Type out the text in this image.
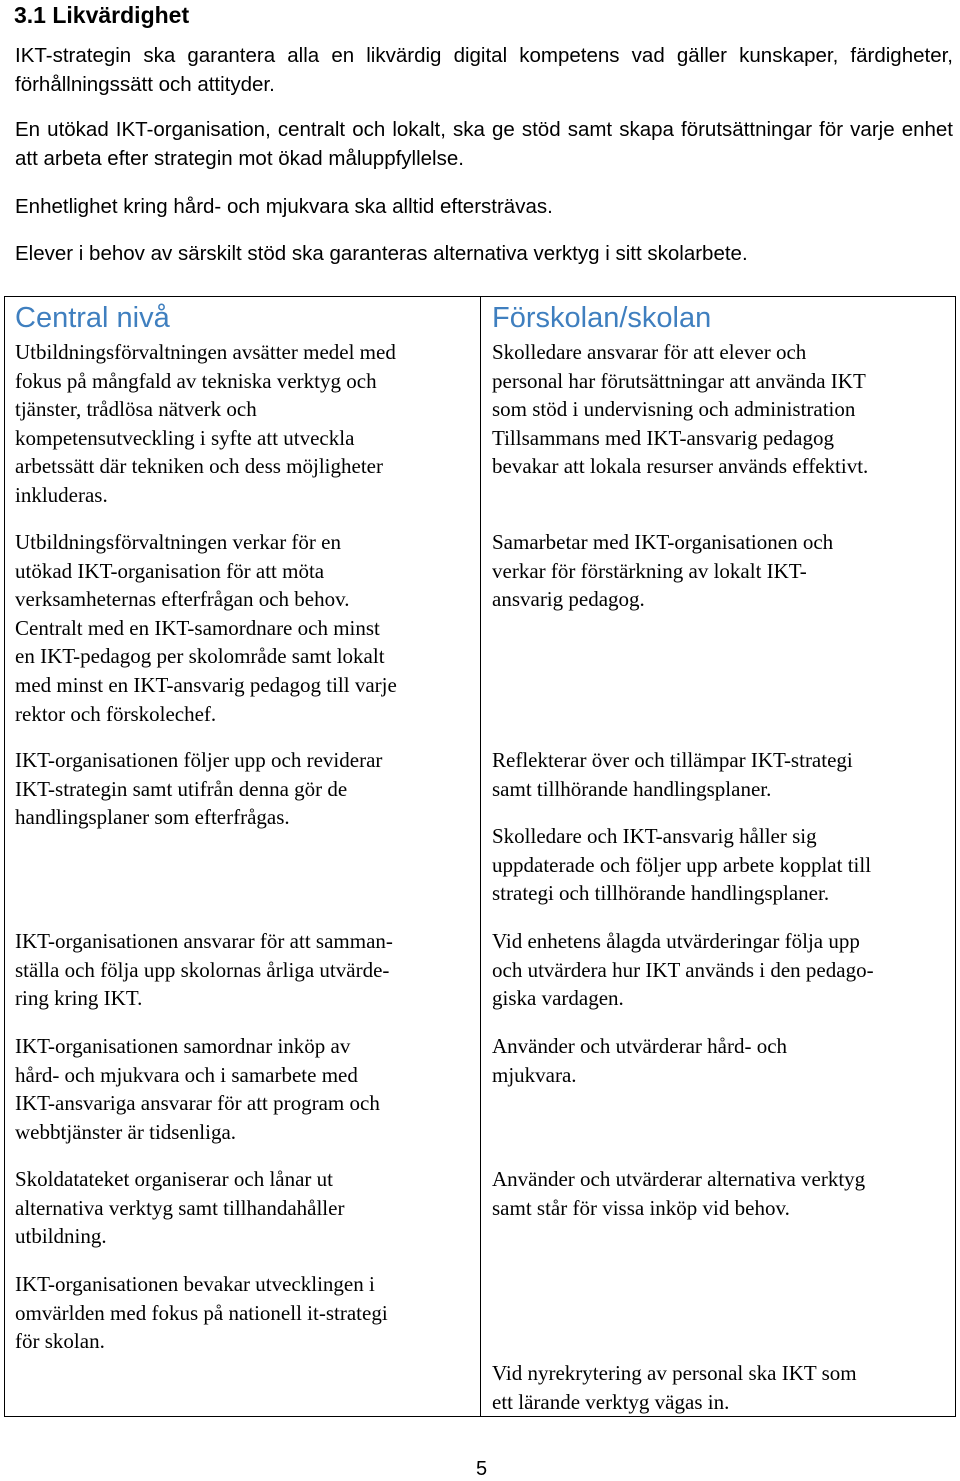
3.1 Likvärdighet

IKT-strategin ska garantera alla en likvärdig digital kompetens vad gäller kunskaper, färdigheter, förhållningssätt och attityder.

En utökad IKT-organisation, centralt och lokalt, ska ge stöd samt skapa förutsättningar för varje enhet att arbeta efter strategin mot ökad måluppfyllelse.

Enhetlighet kring hård- och mjukvara ska alltid eftersträvas.

Elever i behov av särskilt stöd ska garanteras alternativa verktyg i sitt skolarbete.

Central nivå	Förskolan/skolan

Utbildningsförvaltningen avsätter medel med
fokus på mångfald av tekniska verktyg och
tjänster, trådlösa nätverk och
kompetensutveckling i syfte att utveckla
arbetssätt där tekniken och dess möjligheter
inkluderas.

Utbildningsförvaltningen verkar för en
utökad IKT-organisation för att möta
verksamheternas efterfrågan och behov.
Centralt med en IKT-samordnare och minst
en IKT-pedagog per skolområde samt lokalt
med minst en IKT-ansvarig pedagog till varje
rektor och förskolechef.

IKT-organisationen följer upp och reviderar
IKT-strategin samt utifrån denna gör de
handlingsplaner som efterfrågas.

IKT-organisationen ansvarar för att samman-
ställa och följa upp skolornas årliga utvärde-
ring kring IKT.

IKT-organisationen samordnar inköp av
hård- och mjukvara och i samarbete med
IKT-ansvariga ansvarar för att program och
webbtjänster är tidsenliga.

Skoldatateket organiserar och lånar ut
alternativa verktyg samt tillhandahåller
utbildning.

IKT-organisationen bevakar utvecklingen i
omvärlden med fokus på nationell it-strategi
för skolan.

Skolledare ansvarar för att elever och
personal har förutsättningar att använda IKT
som stöd i undervisning och administration
Tillsammans med IKT-ansvarig pedagog
bevakar att lokala resurser används effektivt.

Samarbetar med IKT-organisationen och
verkar för förstärkning av lokalt IKT-
ansvarig pedagog.

Reflekterar över och tillämpar IKT-strategi
samt tillhörande handlingsplaner.

Skolledare och IKT-ansvarig håller sig
uppdaterade och följer upp arbete kopplat till
strategi och tillhörande handlingsplaner.

Vid enhetens ålagda utvärderingar följa upp
och utvärdera hur IKT används i den pedago-
giska vardagen.

Använder och utvärderar hård- och
mjukvara.

Använder och utvärderar alternativa verktyg
samt står för vissa inköp vid behov.

Vid nyrekrytering av personal ska IKT som
ett lärande verktyg vägas in.

5
